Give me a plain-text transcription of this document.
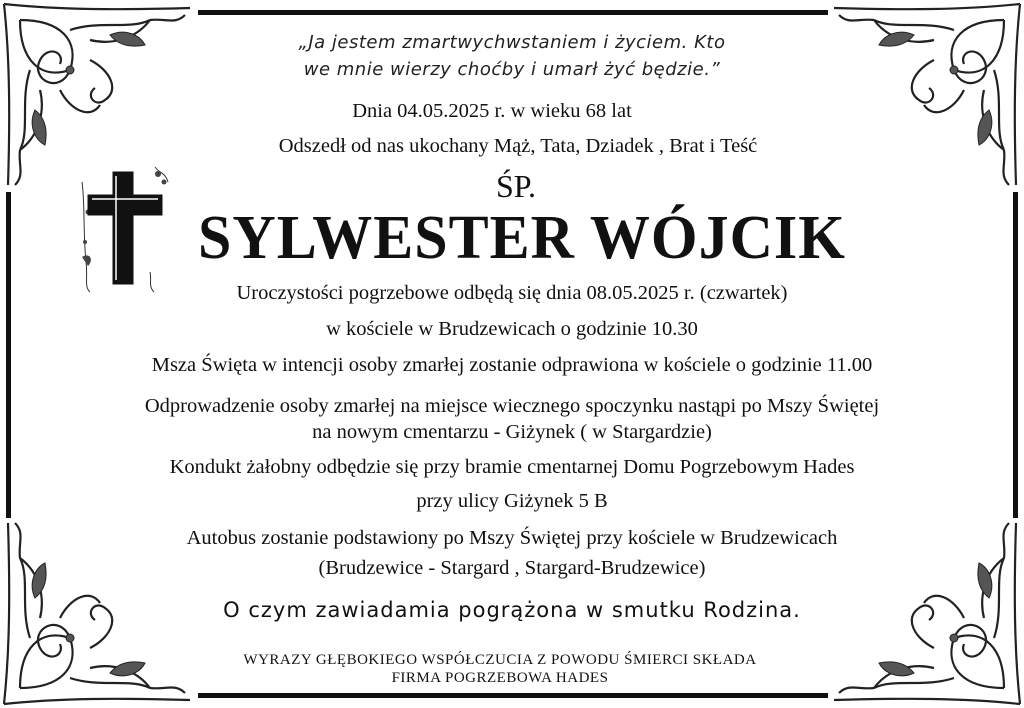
„Ja jestem zmartwychwstaniem i życiem. Kto
we mnie wierzy choćby i umarł żyć będzie.”
Dnia 04.05.2025 r. w wieku 68 lat
Odszedł od nas ukochany Mąż, Tata, Dziadek , Brat i Teść
ŚP.
SYLWESTER WÓJCIK
Uroczystości pogrzebowe odbędą się dnia 08.05.2025 r. (czwartek)
w kościele w Brudzewicach o godzinie 10.30
Msza Święta w intencji osoby zmarłej zostanie odprawiona w kościele o godzinie 11.00
Odprowadzenie osoby zmarłej na miejsce wiecznego spoczynku nastąpi po Mszy Świętej
na nowym cmentarzu - Giżynek ( w Stargardzie)
Kondukt żałobny odbędzie się przy bramie cmentarnej Domu Pogrzebowym Hades
przy ulicy Giżynek 5 B
Autobus zostanie podstawiony po Mszy Świętej przy kościele w Brudzewicach
(Brudzewice - Stargard , Stargard-Brudzewice)
O czym zawiadamia pogrążona w smutku Rodzina.
WYRAZY GŁĘBOKIEGO WSPÓŁCZUCIA Z POWODU ŚMIERCI SKŁADA
FIRMA POGRZEBOWA HADES
